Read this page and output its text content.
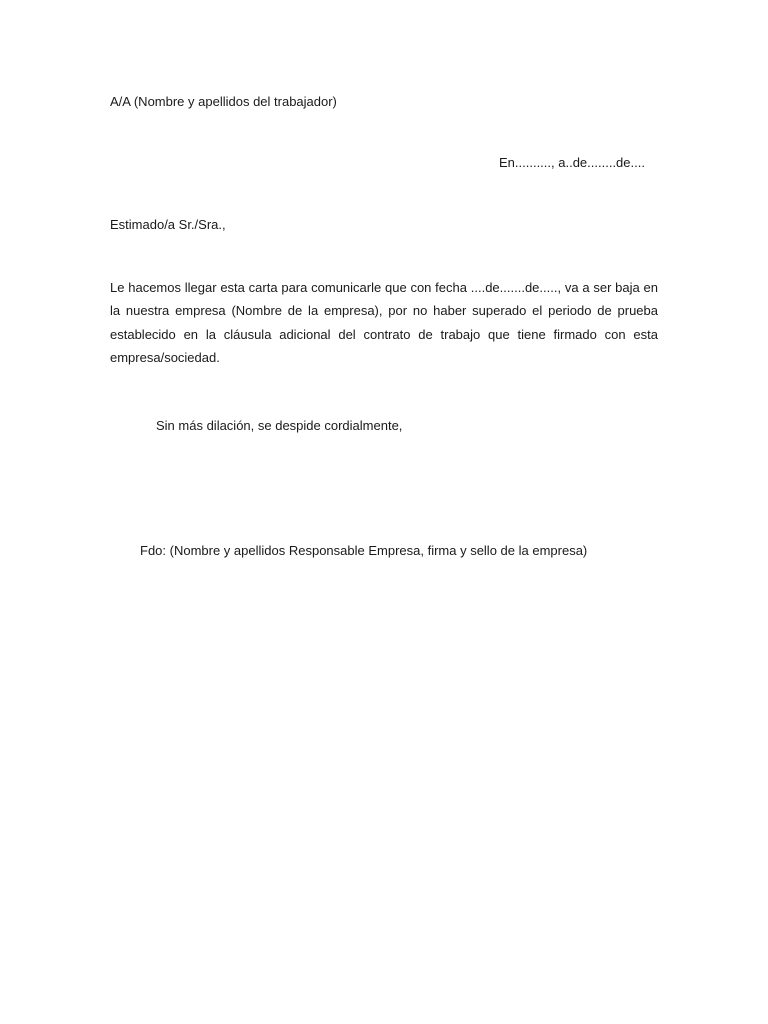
A/A (Nombre y apellidos del trabajador)
En.........., a..de........de....
Estimado/a Sr./Sra.,
Le hacemos llegar esta carta para comunicarle que con fecha ....de.......de....., va a ser baja en la nuestra empresa (Nombre de la empresa), por no haber superado el periodo de prueba establecido en la cláusula adicional del contrato de trabajo que tiene firmado con esta empresa/sociedad.
Sin más dilación, se despide cordialmente,
Fdo: (Nombre y apellidos Responsable Empresa, firma y sello de la empresa)
